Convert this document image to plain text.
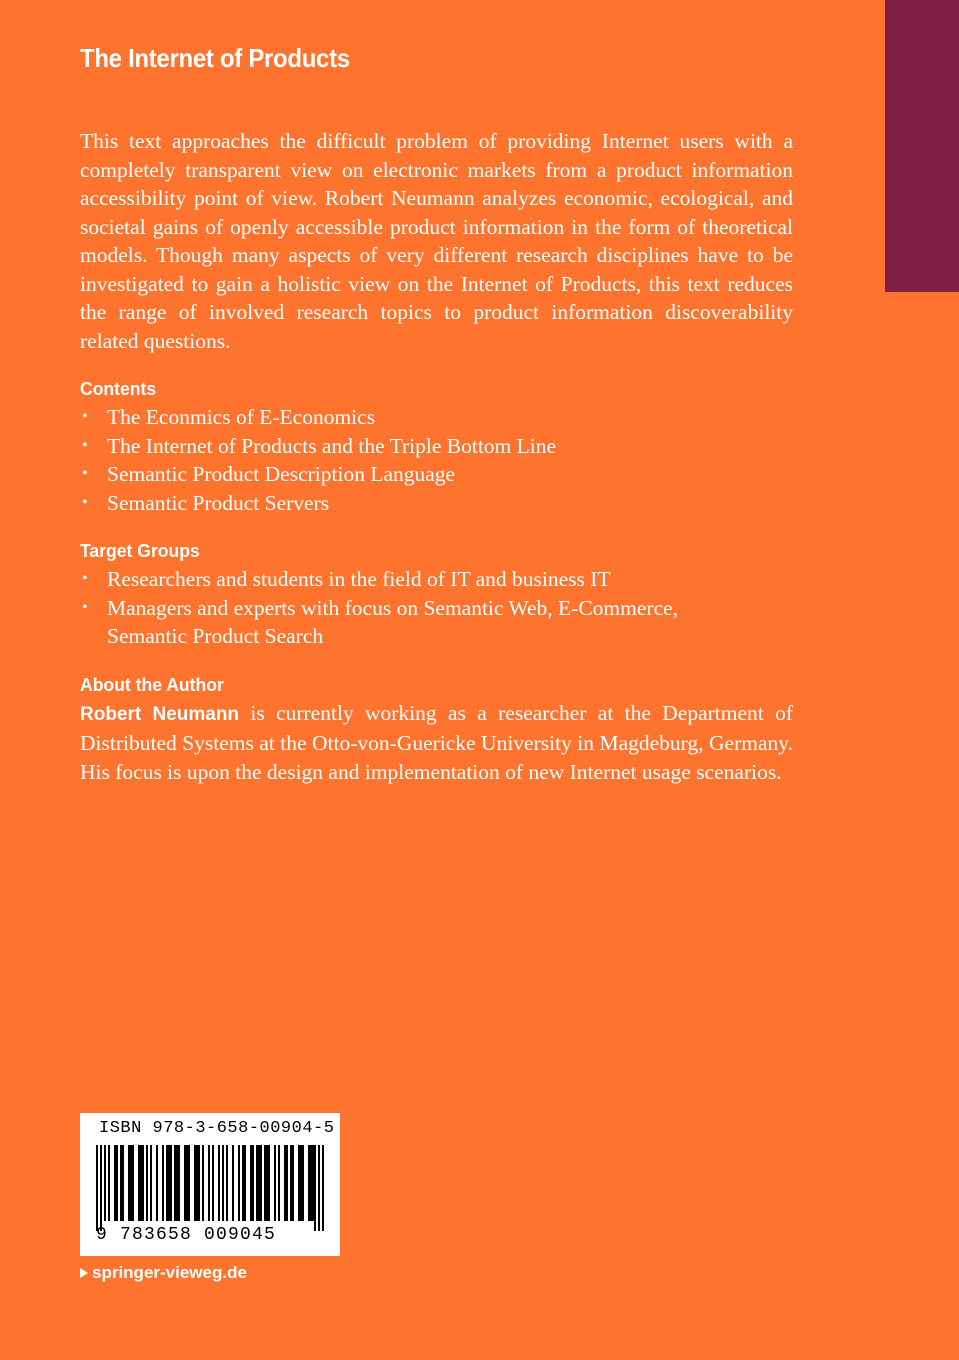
The Internet of Products

This text approaches the difficult problem of providing Internet users with a completely transparent view on electronic markets from a product information accessibility point of view. Robert Neumann analyzes economic, ecological, and societal gains of openly accessible product information in the form of theoretical models. Though many aspects of very different research disciplines have to be investigated to gain a holistic view on the Internet of Products, this text reduces the range of involved research topics to product information discoverability related questions.

Contents
• The Econmics of E-Economics
• The Internet of Products and the Triple Bottom Line
• Semantic Product Description Language
• Semantic Product Servers
Target Groups
• Researchers and students in the field of IT and business IT
• Managers and experts with focus on Semantic Web, E-Commerce, Semantic Product Search
About the Author

Robert Neumann is currently working as a researcher at the Department of Distributed Systems at the Otto-von-Guericke University in Magdeburg, Germany. His focus is upon the design and implementation of new Internet usage scenarios.

ISBN 978-3-658-00904-5
9 783658 009045
springer-vieweg.de
